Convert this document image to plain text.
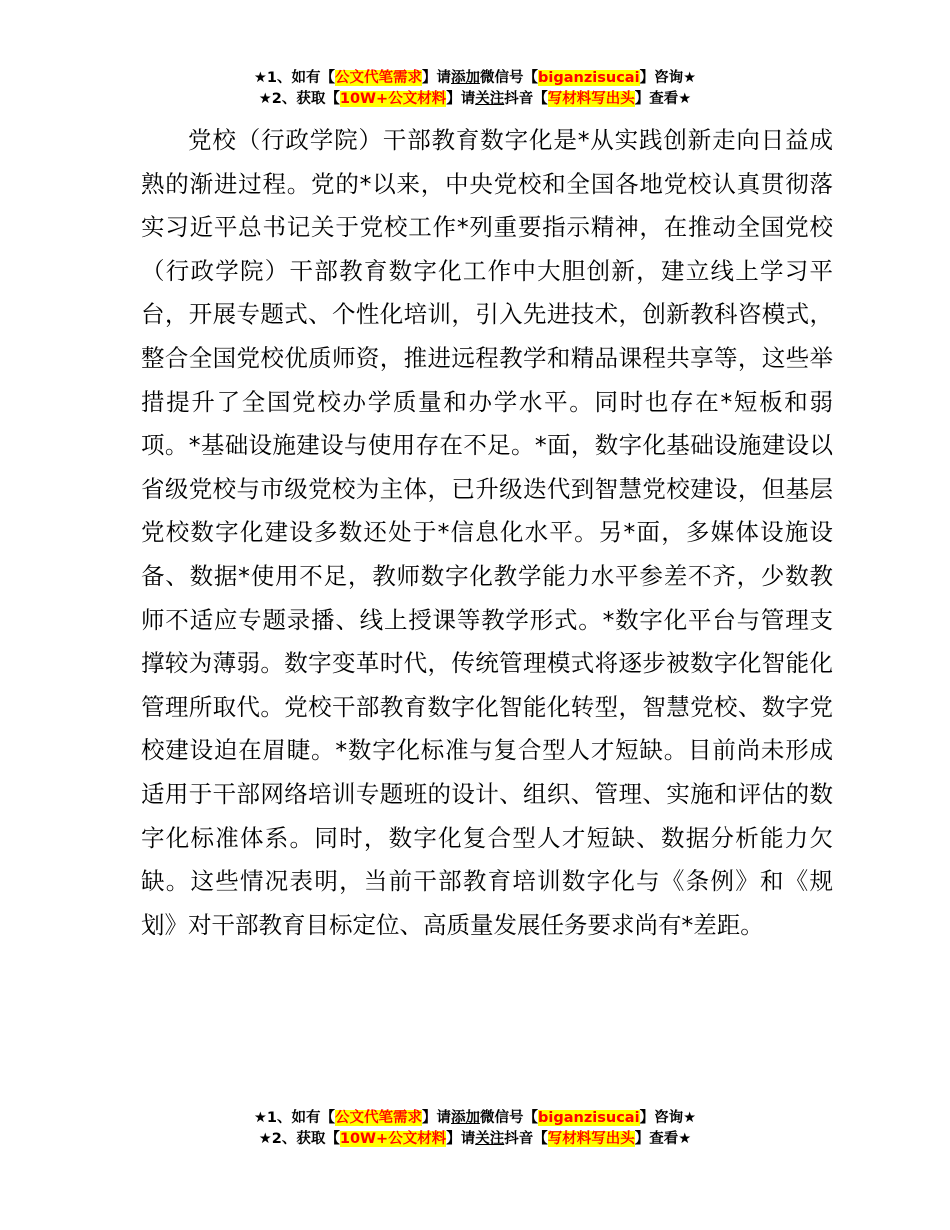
★1、如有【公文代笔需求】请添加微信号【biganzisucai】咨询★
★2、获取【10W+公文材料】请关注抖音【写材料写出头】查看★

党校（行政学院）干部教育数字化是*从实践创新走向日益成熟的渐进过程。党的*以来，中央党校和全国各地党校认真贯彻落实习近平总书记关于党校工作*列重要指示精神，在推动全国党校（行政学院）干部教育数字化工作中大胆创新，建立线上学习平台，开展专题式、个性化培训，引入先进技术，创新教科咨模式，整合全国党校优质师资，推进远程教学和精品课程共享等，这些举措提升了全国党校办学质量和办学水平。同时也存在*短板和弱项。*基础设施建设与使用存在不足。*面，数字化基础设施建设以省级党校与市级党校为主体，已升级迭代到智慧党校建设，但基层党校数字化建设多数还处于*信息化水平。另*面，多媒体设施设备、数据*使用不足，教师数字化教学能力水平参差不齐，少数教师不适应专题录播、线上授课等教学形式。*数字化平台与管理支撑较为薄弱。数字变革时代，传统管理模式将逐步被数字化智能化管理所取代。党校干部教育数字化智能化转型，智慧党校、数字党校建设迫在眉睫。*数字化标准与复合型人才短缺。目前尚未形成适用于干部网络培训专题班的设计、组织、管理、实施和评估的数字化标准体系。同时，数字化复合型人才短缺、数据分析能力欠缺。这些情况表明，当前干部教育培训数字化与《条例》和《规划》对干部教育目标定位、高质量发展任务要求尚有*差距。

★1、如有【公文代笔需求】请添加微信号【biganzisucai】咨询★
★2、获取【10W+公文材料】请关注抖音【写材料写出头】查看★
